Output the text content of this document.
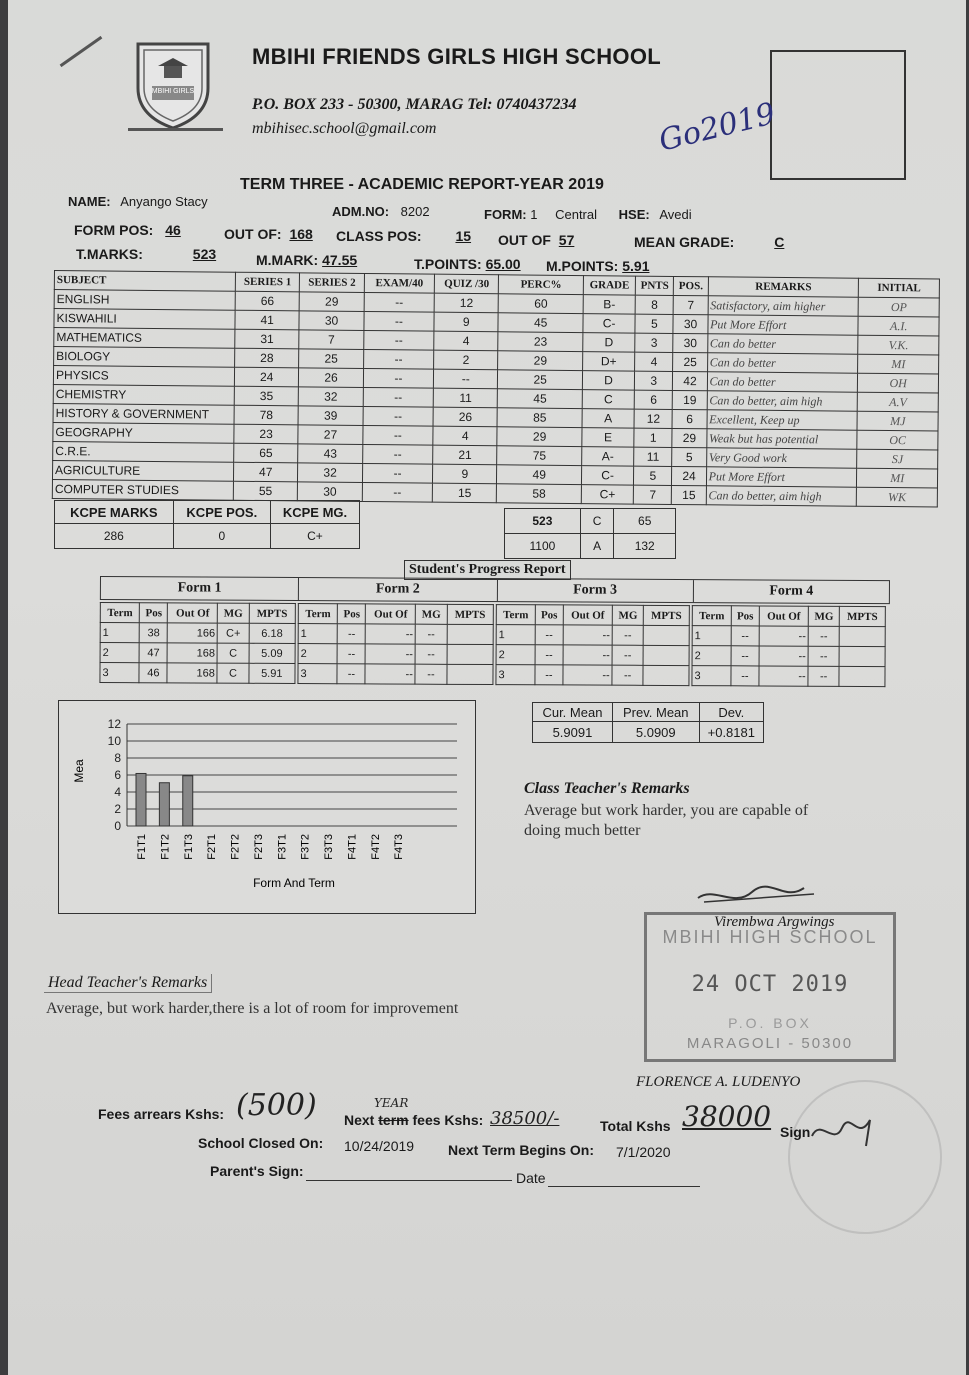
MBIHI GIRLS
MBIHI FRIENDS GIRLS HIGH SCHOOL
P.O. BOX 233 - 50300, MARAG Tel: 0740437234
mbihisec.school@gmail.com	Go2019
TERM THREE - ACADEMIC REPORT-YEAR 2019
NAME: Anyango Stacy
ADM.NO: 8202	FORM: 1 Central HSE: Avedi
FORM POS: 46	OUT OF: 168 CLASS POS: 15 OUT OF 57	MEAN GRADE:	C
T.MARKS:	523	M.MARK: 47.55	T.POINTS: 65.00 M.POINTS: 5.91
SUBJECT	SERIES 1	SERIES 2	EXAM/40	QUIZ /30	PERC%	GRADE	PNTS	POS.	REMARKS	INITIAL
ENGLISH	66	29	--	12	60	B-	8	7	Satisfactory, aim higher	OP
KISWAHILI	41	30	--	9	45	C-	5	30	Put More Effort	A.I.
MATHEMATICS	31	7	--	4	23	D	3	30	Can do better	V.K.
BIOLOGY	28	25	--	2	29	D+	4	25	Can do better	MI
PHYSICS	24	26	--	--	25	D	3	42	Can do better	OH
CHEMISTRY	35	32	--	11	45	C	6	19	Can do better, aim high	A.V
HISTORY & GOVERNMENT	78	39	--	26	85	A	12	6	Excellent, Keep up	MJ
GEOGRAPHY	23	27	--	4	29	E	1	29	Weak but has potential	OC
C.R.E.	65	43	--	21	75	A-	11	5	Very Good work	SJ
AGRICULTURE	47	32	--	9	49	C-	5	24	Put More Effort	MI
COMPUTER STUDIES	55	30	--	15	58	C+	7	15	Can do better, aim high	WK
KCPE MARKS	KCPE POS.	KCPE MG.
286	0	C+
523	C	65
1100	A	132
Student's Progress Report
Form 1	Form 2	Form 3	Form 4
Term	Pos	Out Of	MG	MPTS
1	38	166	C+	6.18
2	47	168	C	5.09
3	46	168	C	5.91
Term	Pos	Out Of	MG	MPTS
1	--	--	--	
2	--	--	--	
3	--	--	--	
Term	Pos	Out Of	MG	MPTS
1	--	--	--	
2	--	--	--	
3	--	--	--	
Term	Pos	Out Of	MG	MPTS
1	--	--	--	
2	--	--	--	
3	--	--	--	
12
10
8
6
4
2
0
Mea
F1T1 F1T2 F1T3 F2T1 F2T2 F2T3 F3T1 F3T2 F3T3 F4T1 F4T2 F4T3
Form And Term
Cur. Mean	Prev. Mean	Dev.
5.9091	5.0909	+0.8181
Class Teacher's Remarks
Average but work harder, you are capable of
doing much better
Virembwa Argwings
MBIHI HIGH SCHOOL
24 OCT 2019
P.O. BOX
MARAGOLI - 50300
Head Teacher's Remarks
Average, but work harder,there is a lot of room for improvement
FLORENCE A. LUDENYO
Fees arrears Kshs: (500) Next term fees Kshs:
YEAR
38500/-	Total Kshs 38000 Sign
School Closed On: 10/24/2019 Next Term Begins On: 7/1/2020
Parent's Sign:	Date
